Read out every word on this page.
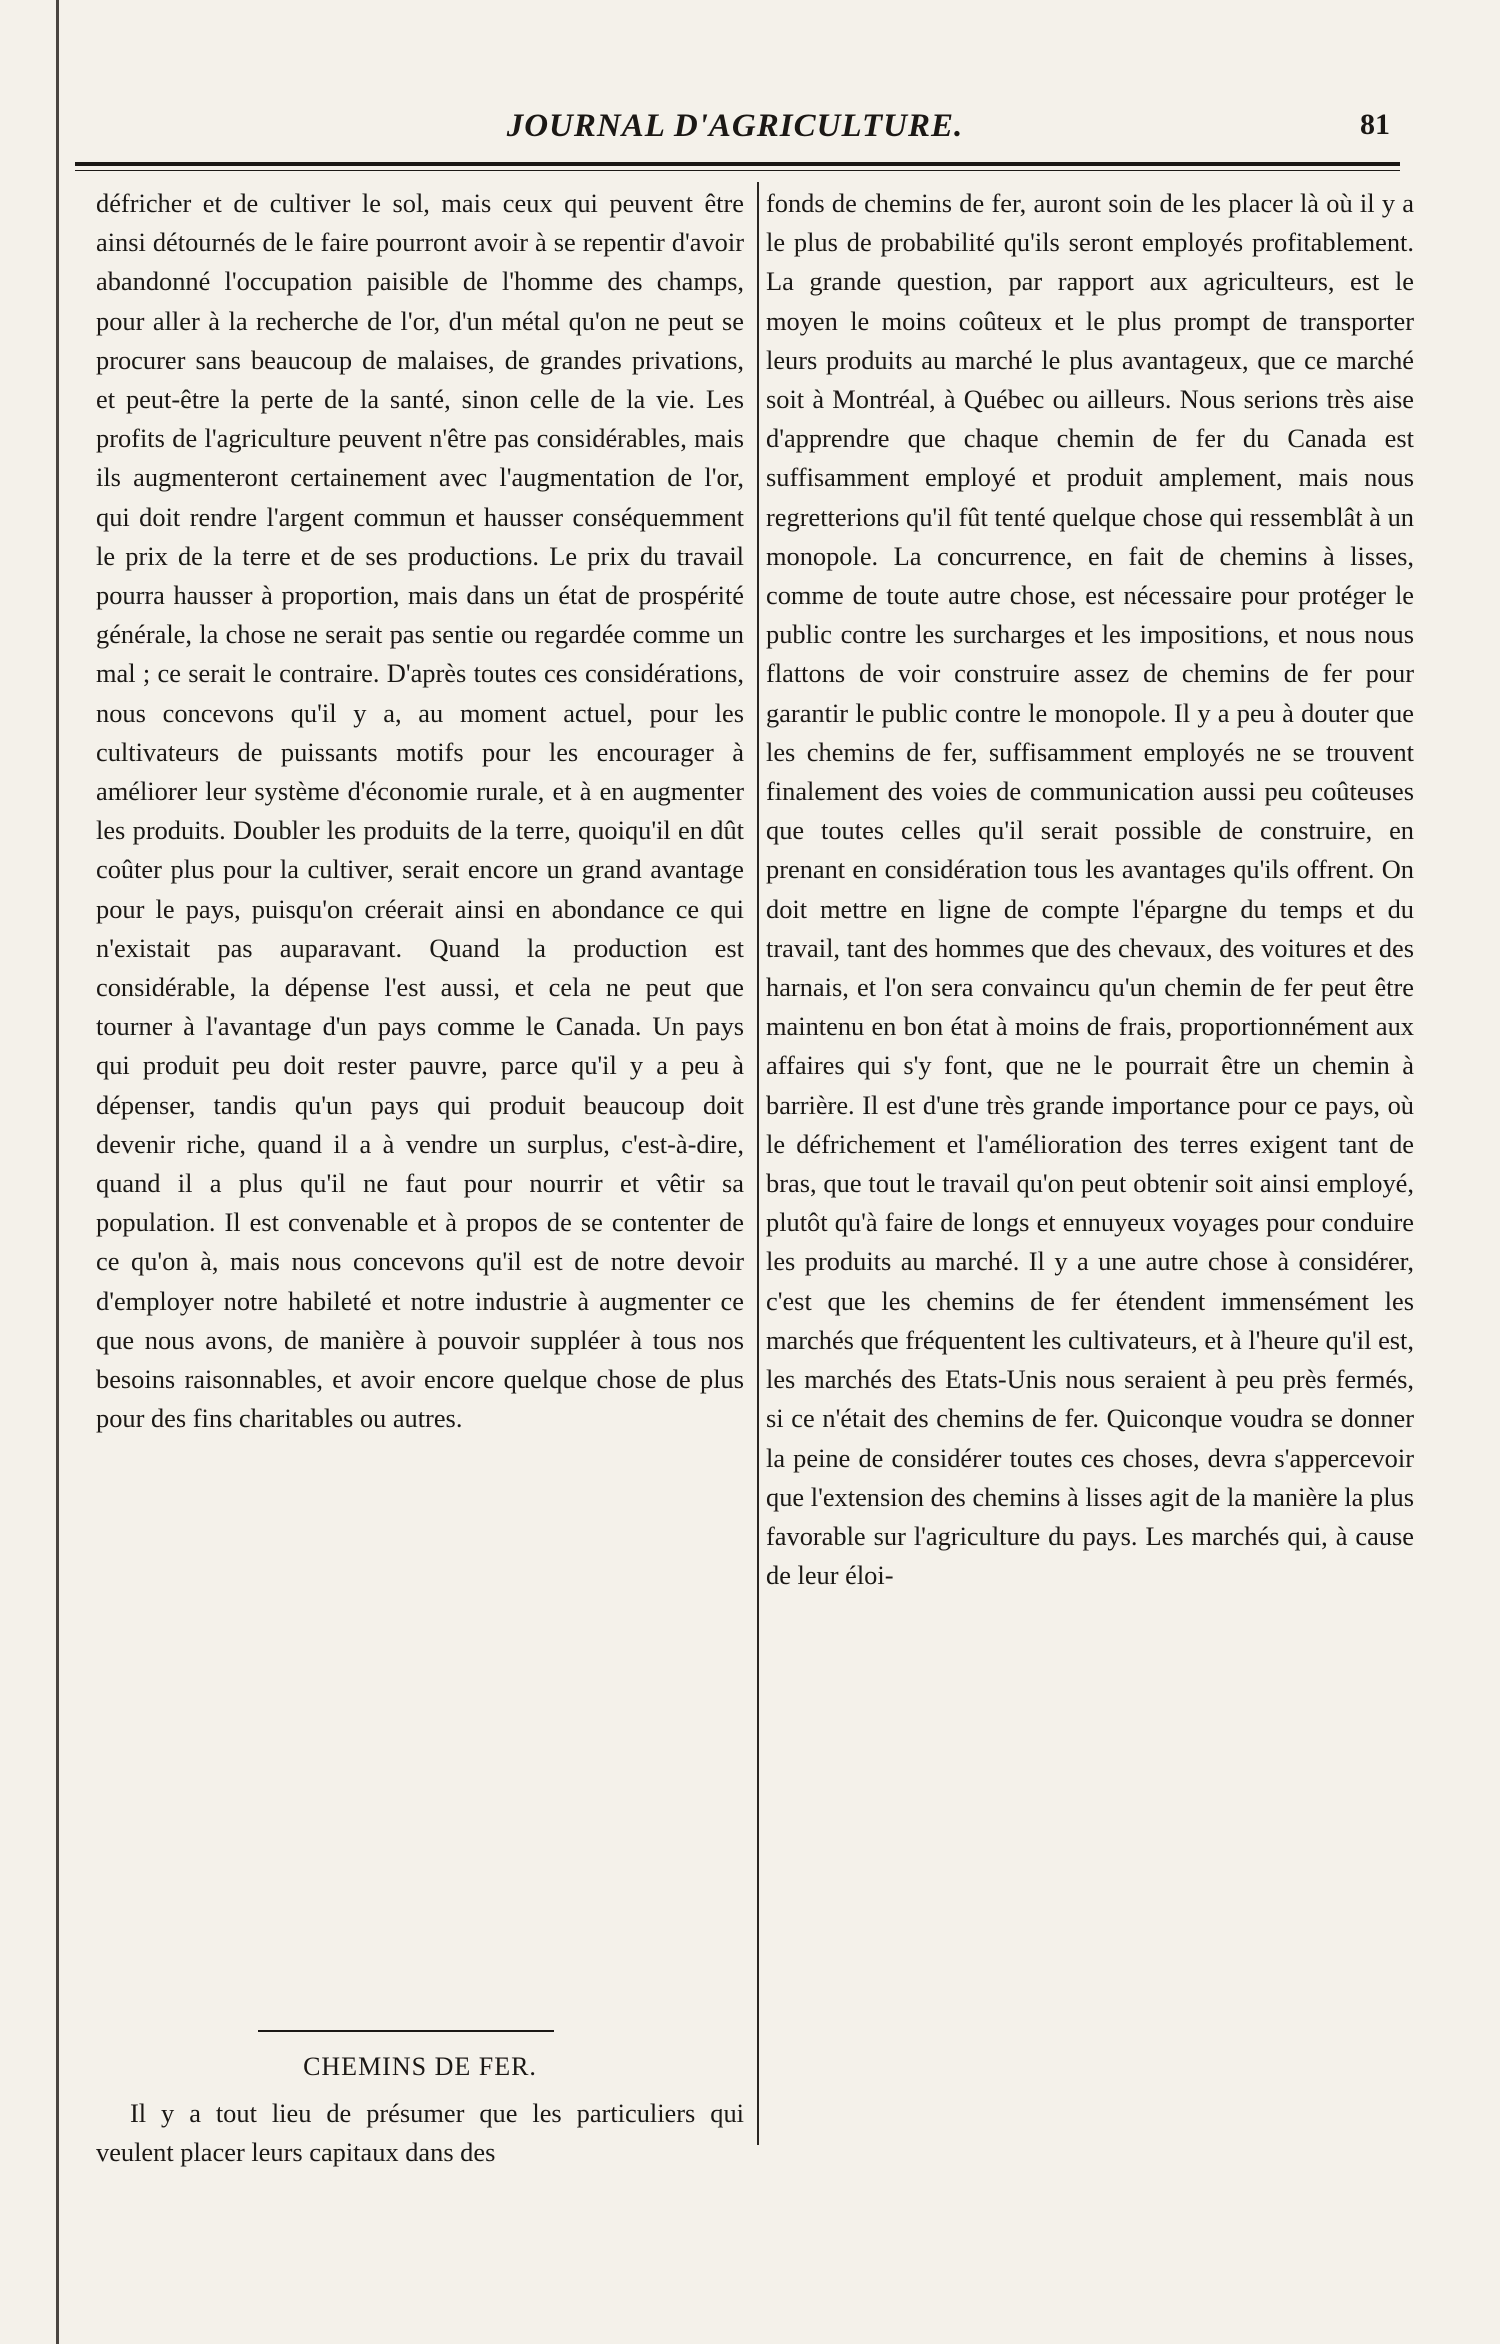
JOURNAL D'AGRICULTURE.	81

défricher et de cultiver le sol, mais ceux qui peuvent être ainsi détournés de le faire pourront avoir à se repentir d'avoir abandonné l'occupation paisible de l'homme des champs, pour aller à la recherche de l'or, d'un métal qu'on ne peut se procurer sans beaucoup de malaises, de grandes privations, et peut-être la perte de la santé, sinon celle de la vie. Les profits de l'agriculture peuvent n'être pas considérables, mais ils augmenteront certainement avec l'augmentation de l'or, qui doit rendre l'argent commun et hausser conséquemment le prix de la terre et de ses productions. Le prix du travail pourra hausser à proportion, mais dans un état de prospérité générale, la chose ne serait pas sentie ou regardée comme un mal ; ce serait le contraire. D'après toutes ces considérations, nous concevons qu'il y a, au moment actuel, pour les cultivateurs de puissants motifs pour les encourager à améliorer leur système d'économie rurale, et à en augmenter les produits. Doubler les produits de la terre, quoiqu'il en dût coûter plus pour la cultiver, serait encore un grand avantage pour le pays, puisqu'on créerait ainsi en abondance ce qui n'existait pas auparavant. Quand la production est considérable, la dépense l'est aussi, et cela ne peut que tourner à l'avantage d'un pays comme le Canada. Un pays qui produit peu doit rester pauvre, parce qu'il y a peu à dépenser, tandis qu'un pays qui produit beaucoup doit devenir riche, quand il a à vendre un surplus, c'est-à-dire, quand il a plus qu'il ne faut pour nourrir et vêtir sa population. Il est convenable et à propos de se contenter de ce qu'on à, mais nous concevons qu'il est de notre devoir d'employer notre habileté et notre industrie à augmenter ce que nous avons, de manière à pouvoir suppléer à tous nos besoins raisonnables, et avoir encore quelque chose de plus pour des fins charitables ou autres.

CHEMINS DE FER.

Il y a tout lieu de présumer que les particuliers qui veulent placer leurs capitaux dans des

fonds de chemins de fer, auront soin de les placer là où il y a le plus de probabilité qu'ils seront employés profitablement. La grande question, par rapport aux agriculteurs, est le moyen le moins coûteux et le plus prompt de transporter leurs produits au marché le plus avantageux, que ce marché soit à Montréal, à Québec ou ailleurs. Nous serions très aise d'apprendre que chaque chemin de fer du Canada est suffisamment employé et produit amplement, mais nous regretterions qu'il fût tenté quelque chose qui ressemblât à un monopole. La concurrence, en fait de chemins à lisses, comme de toute autre chose, est nécessaire pour protéger le public contre les surcharges et les impositions, et nous nous flattons de voir construire assez de chemins de fer pour garantir le public contre le monopole. Il y a peu à douter que les chemins de fer, suffisamment employés ne se trouvent finalement des voies de communication aussi peu coûteuses que toutes celles qu'il serait possible de construire, en prenant en considération tous les avantages qu'ils offrent. On doit mettre en ligne de compte l'épargne du temps et du travail, tant des hommes que des chevaux, des voitures et des harnais, et l'on sera convaincu qu'un chemin de fer peut être maintenu en bon état à moins de frais, proportionnément aux affaires qui s'y font, que ne le pourrait être un chemin à barrière. Il est d'une très grande importance pour ce pays, où le défrichement et l'amélioration des terres exigent tant de bras, que tout le travail qu'on peut obtenir soit ainsi employé, plutôt qu'à faire de longs et ennuyeux voyages pour conduire les produits au marché. Il y a une autre chose à considérer, c'est que les chemins de fer étendent immensément les marchés que fréquentent les cultivateurs, et à l'heure qu'il est, les marchés des Etats-Unis nous seraient à peu près fermés, si ce n'était des chemins de fer. Quiconque voudra se donner la peine de considérer toutes ces choses, devra s'appercevoir que l'extension des chemins à lisses agit de la manière la plus favorable sur l'agriculture du pays. Les marchés qui, à cause de leur éloi-
